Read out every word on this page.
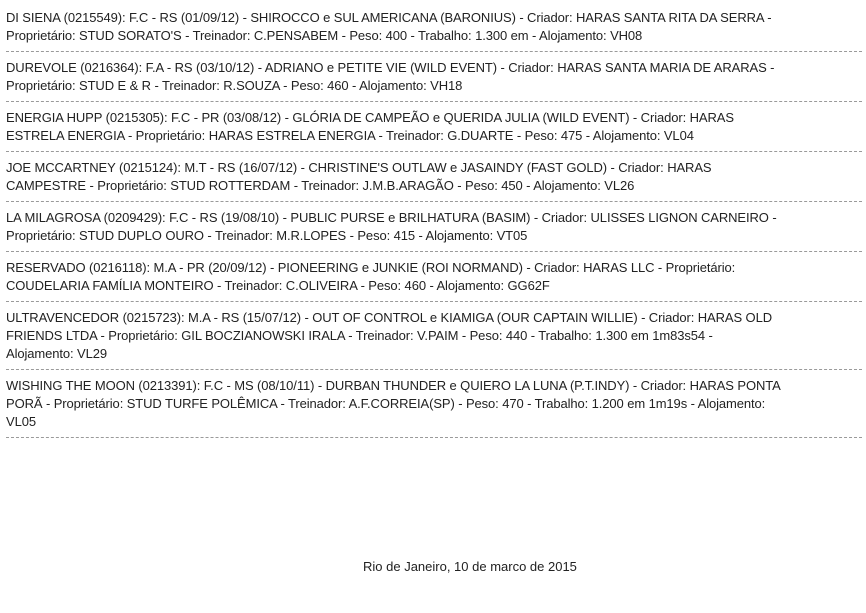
DI SIENA (0215549): F.C - RS (01/09/12) - SHIROCCO e SUL AMERICANA (BARONIUS) - Criador: HARAS SANTA RITA DA SERRA - Proprietário: STUD SORATO'S - Treinador: C.PENSABEM - Peso: 400 - Trabalho: 1.300 em - Alojamento: VH08
DUREVOLE (0216364): F.A - RS (03/10/12) - ADRIANO e PETITE VIE (WILD EVENT) - Criador: HARAS SANTA MARIA DE ARARAS - Proprietário: STUD E & R - Treinador: R.SOUZA - Peso: 460 - Alojamento: VH18
ENERGIA HUPP (0215305): F.C - PR (03/08/12) - GLÓRIA DE CAMPEÃO e QUERIDA JULIA (WILD EVENT) - Criador: HARAS ESTRELA ENERGIA - Proprietário: HARAS ESTRELA ENERGIA - Treinador: G.DUARTE - Peso: 475 - Alojamento: VL04
JOE MCCARTNEY (0215124): M.T - RS (16/07/12) - CHRISTINE'S OUTLAW e JASAINDY (FAST GOLD) - Criador: HARAS CAMPESTRE - Proprietário: STUD ROTTERDAM - Treinador: J.M.B.ARAGÃO - Peso: 450 - Alojamento: VL26
LA MILAGROSA (0209429): F.C - RS (19/08/10) - PUBLIC PURSE e BRILHATURA (BASIM) - Criador: ULISSES LIGNON CARNEIRO - Proprietário: STUD DUPLO OURO - Treinador: M.R.LOPES - Peso: 415 - Alojamento: VT05
RESERVADO (0216118): M.A - PR (20/09/12) - PIONEERING e JUNKIE (ROI NORMAND) - Criador: HARAS LLC - Proprietário: COUDELARIA FAMÍLIA MONTEIRO - Treinador: C.OLIVEIRA - Peso: 460 - Alojamento: GG62F
ULTRAVENCEDOR (0215723): M.A - RS (15/07/12) - OUT OF CONTROL e KIAMIGA (OUR CAPTAIN WILLIE) - Criador: HARAS OLD FRIENDS LTDA - Proprietário: GIL BOCZIANOWSKI IRALA - Treinador: V.PAIM - Peso: 440 - Trabalho: 1.300 em 1m83s54 - Alojamento: VL29
WISHING THE MOON (0213391): F.C - MS (08/10/11) - DURBAN THUNDER e QUIERO LA LUNA (P.T.INDY) - Criador: HARAS PONTA PORÃ - Proprietário: STUD TURFE POLÊMICA - Treinador: A.F.CORREIA(SP) - Peso: 470 - Trabalho: 1.200 em 1m19s - Alojamento: VL05
Rio de Janeiro, 10 de marco de 2015
